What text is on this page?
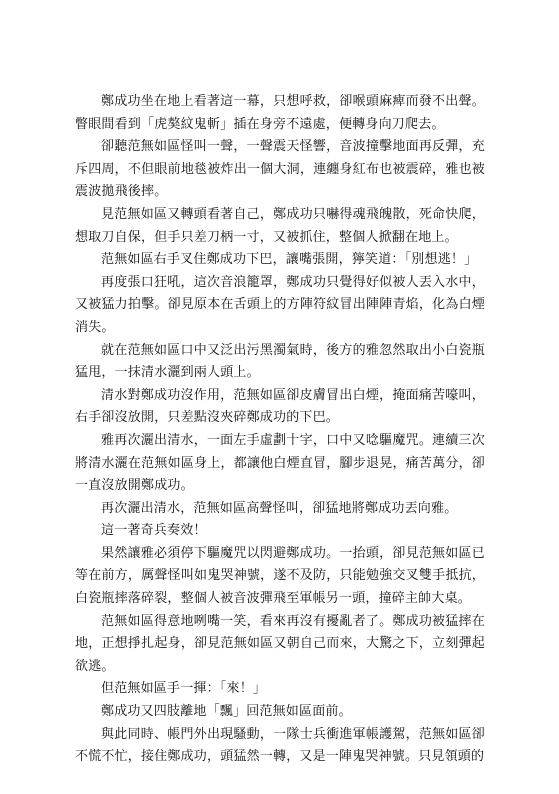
鄭成功坐在地上看著這一幕，只想呼救，卻喉頭麻痺而發不出聲。瞥眼間看到「虎獒紋鬼斬」插在身旁不遠處，便轉身向刀爬去。

卻聽范無如區怪叫一聲，一聲震天怪響，音波撞擊地面再反彈，充斥四周，不但眼前地毯被炸出一個大洞，連纏身紅布也被震碎，雅也被震波拋飛後摔。

見范無如區又轉頭看著自己，鄭成功只嚇得魂飛魄散，死命快爬，想取刀自保，但手只差刀柄一寸，又被抓住，整個人掀翻在地上。

范無如區右手叉住鄭成功下巴，讓嘴張開，獰笑道：「別想逃！」

再度張口狂吼，這次音浪籠罩，鄭成功只覺得好似被人丟入水中，又被猛力拍擊。卻見原本在舌頭上的方陣符紋冒出陣陣青焰，化為白煙消失。

就在范無如區口中又泛出污黑濁氣時，後方的雅忽然取出小白瓷瓶猛甩，一抹清水灑到兩人頭上。

清水對鄭成功沒作用，范無如區卻皮膚冒出白煙，掩面痛苦嚎叫，右手卻沒放開，只差點沒夾碎鄭成功的下巴。

雅再次灑出清水，一面左手虛劃十字，口中又唸驅魔咒。連續三次將清水灑在范無如區身上，都讓他白煙直冒，腳步退晃，痛苦萬分，卻一直沒放開鄭成功。

再次灑出清水，范無如區高聲怪叫，卻猛地將鄭成功丟向雅。

這一著奇兵奏效！

果然讓雅必須停下驅魔咒以閃避鄭成功。一抬頭，卻見范無如區已等在前方，厲聲怪叫如鬼哭神號，遂不及防，只能勉強交叉雙手抵抗，白瓷瓶摔落碎裂，整個人被音波彈飛至軍帳另一頭，撞碎主帥大桌。

范無如區得意地咧嘴一笑，看來再沒有擾亂者了。鄭成功被猛摔在地，正想掙扎起身，卻見范無如區又朝自己而來，大驚之下，立刻彈起欲逃。

但范無如區手一揮：「來！」

鄭成功又四肢離地「飄」回范無如區面前。

與此同時、帳門外出現騷動，一隊士兵衝進軍帳護駕，范無如區卻不慌不忙，接住鄭成功，頭猛然一轉，又是一陣鬼哭神號。只見領頭的
